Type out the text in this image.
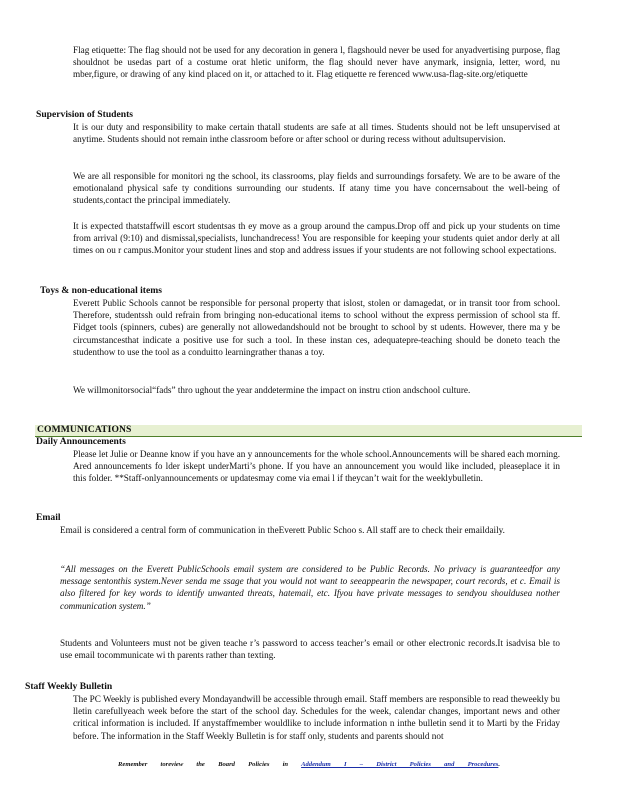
Flag etiquette: The flag should not be used for any decoration in genera l, flagshould never be used for anyadvertising purpose, flag shouldnot be usedas part of a costume orat hletic uniform, the flag should never have anymark, insignia, letter, word, nu mber,figure, or drawing of any kind placed on it, or attached to it. Flag etiquette re ferenced www.usa-flag-site.org/etiquette

Supervision of Students

It is our duty and responsibility to make certain thatall students are safe at all times. Students should not be left unsupervised at anytime. Students should not remain inthe classroom before or after school or during recess without adultsupervision.

We are all responsible for monitori ng the school, its classrooms, play fields and surroundings forsafety. We are to be aware of the emotionaland physical safe ty conditions surrounding our students. If atany time you have concernsabout the well-being of students,contact the principal immediately.

It is expected thatstaffwill escort studentsas th ey move as a group around the campus.Drop off and pick up your students on time from arrival (9:10) and dismissal,specialists, lunchandrecess! You are responsible for keeping your students quiet andor derly at all times on ou r campus.Monitor your student lines and stop and address issues if your students are not following school expectations.

Toys & non-educational items

Everett Public Schools cannot be responsible for personal property that islost, stolen or damagedat, or in transit toor from school. Therefore, studentssh ould refrain from bringing non-educational items to school without the express permission of school sta ff. Fidget tools (spinners, cubes) are generally not allowedandshould not be brought to school by st udents. However, there ma y be circumstancesthat indicate a positive use for such a tool. In these instan ces, adequatepre-teaching should be doneto teach the studenthow to use the tool as a conduitto learningrather thanas a toy.

We willmonitorsocial“fads” thro ughout the year anddetermine the impact on instru ction andschool culture.

COMMUNICATIONS
Daily Announcements

Please let Julie or Deanne know if you have an y announcements for the whole school.Announcements will be shared each morning. Ared announcements fo lder iskept underMarti’s phone. If you have an announcement you would like included, pleaseplace it in this folder. **Staff-onlyannouncements or updatesmay come via emai l if theycan’t wait for the weeklybulletin.

Email

Email is considered a central form of communication in theEverett Public Schoo s. All staff are to check their emaildaily.

“All messages on the Everett PublicSchools email system are considered to be Public Records. No privacy is guaranteedfor any message sentonthis system.Never senda me ssage that you would not want to seeappearin the newspaper, court records, et c. Email is also filtered for key words to identify unwanted threats, hatemail, etc. Ifyou have private messages to sendyou shouldusea nother communication system.”

Students and Volunteers must not be given teache r’s password to access teacher’s email or other electronic records.It isadvisa ble to use email tocommunicate wi th parents rather than texting.

Staff Weekly Bulletin

The PC Weekly is published every Mondayandwill be accessible through email. Staff members are responsible to read theweekly bu lletin carefullyeach week before the start of the school day. Schedules for the week, calendar changes, important news and other critical information is included. If anystaffmember wouldlike to include information n inthe bulletin send it to Marti by the Friday before. The information in the Staff Weekly Bulletin is for staff only, students and parents should not

Remember toreview the Board Policies in Addendum I – District Policies and Procedures.
